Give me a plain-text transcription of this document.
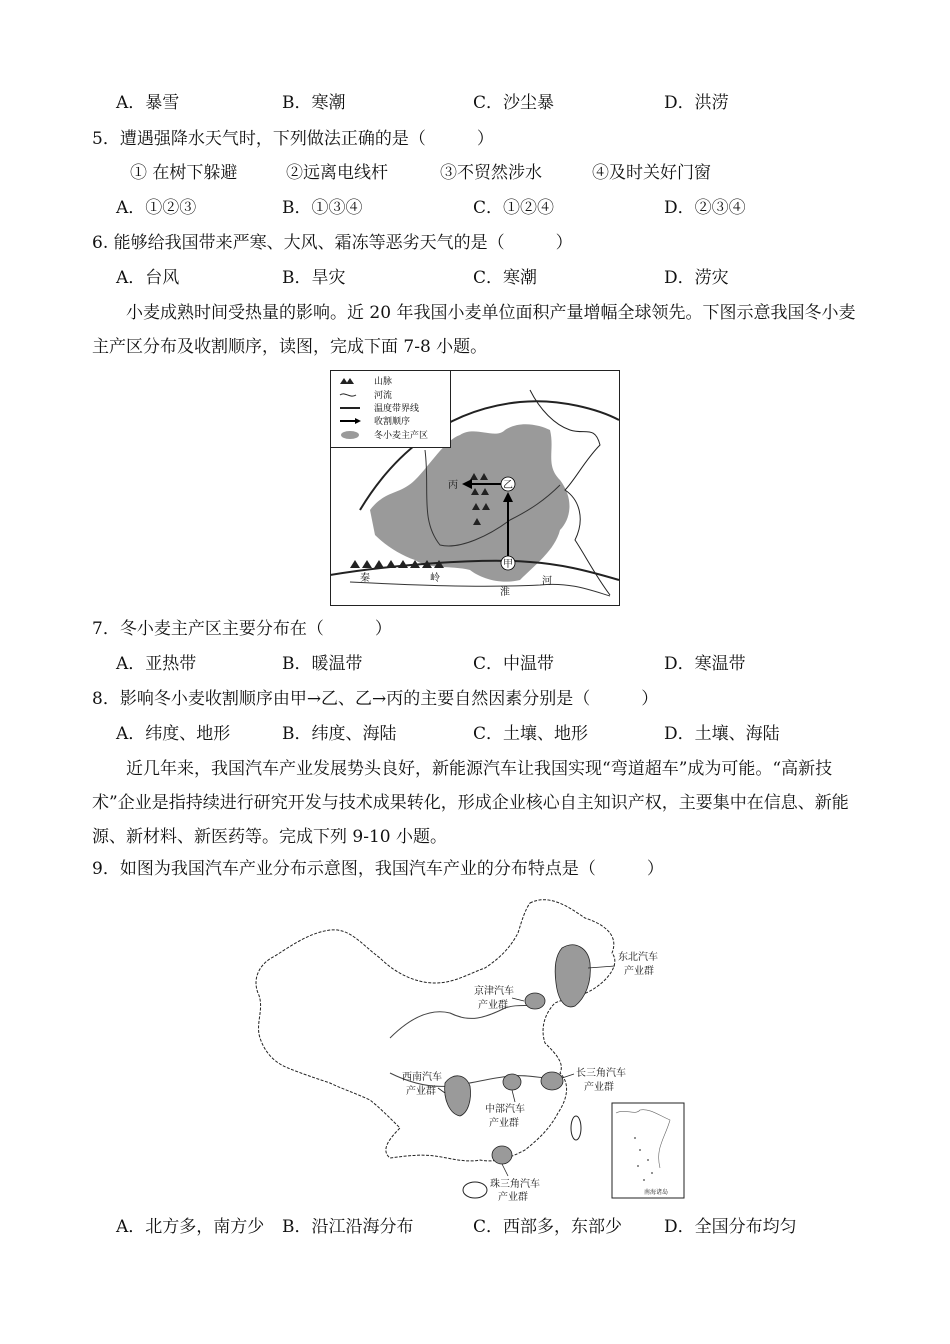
A．暴雪	B．寒潮	C．沙尘暴	D．洪涝
5．遭遇强降水天气时，下列做法正确的是（　　　）
① 在树下躲避	②远离电线杆	③不贸然涉水	④及时关好门窗
A．①②③	B．①③④	C．①②④	D．②③④
6. 能够给我国带来严寒、大风、霜冻等恶劣天气的是（　　　）
A．台风	B．旱灾	C．寒潮	D．涝灾
小麦成熟时间受热量的影响。近 20 年我国小麦单位面积产量增幅全球领先。下图示意我国冬小麦主产区分布及收割顺序，读图，完成下面 7-8 小题。
丙	乙
甲
秦	岭
淮
河
山脉
河流
温度带界线
收割顺序
冬小麦主产区
7．冬小麦主产区主要分布在（　　　）
A．亚热带	B．暖温带	C．中温带	D．寒温带
8．影响冬小麦收割顺序由甲→乙、乙→丙的主要自然因素分别是（　　　）
A．纬度、地形	B．纬度、海陆	C．土壤、地形	D．土壤、海陆
近几年来，我国汽车产业发展势头良好，新能源汽车让我国实现“弯道超车”成为可能。“高新技术”企业是指持续进行研究开发与技术成果转化，形成企业核心自主知识产权，主要集中在信息、新能源、新材料、新医药等。完成下列 9-10 小题。
9．如图为我国汽车产业分布示意图，我国汽车产业的分布特点是（　　　）
东北汽车
产业群
京津汽车
产业群
西南汽车
产业群
中部汽车
产业群
长三角汽车
产业群
珠三角汽车
产业群	南海诸岛
A．北方多，南方少 B．沿江沿海分布	C．西部多，东部少 D．全国分布均匀
